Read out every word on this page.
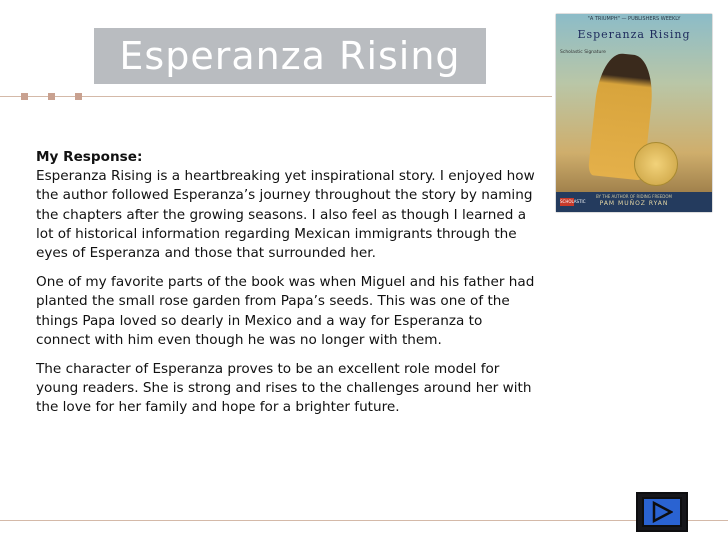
Esperanza Rising

My Response:
Esperanza Rising is a heartbreaking yet inspirational story. I enjoyed how the author followed Esperanza’s journey throughout the story by naming the chapters after the growing seasons. I also feel as though I learned a lot of historical information regarding Mexican immigrants through the eyes of Esperanza and those that surrounded her.

One of my favorite parts of the book was when Miguel and his father had planted the small rose garden from Papa’s seeds. This was one of the things Papa loved so dearly in Mexico and a way for Esperanza to connect with him even though he was no longer with them.

The character of Esperanza proves to be an excellent role model for young readers. She is strong and rises to the challenges around her with the love for her family and hope for a brighter future.

"A TRIUMPH" — PUBLISHERS WEEKLY
Esperanza Rising
Scholastic Signature
BY THE AUTHOR OF RIDING FREEDOM
PAM MUÑOZ RYAN
SCHOLASTIC
